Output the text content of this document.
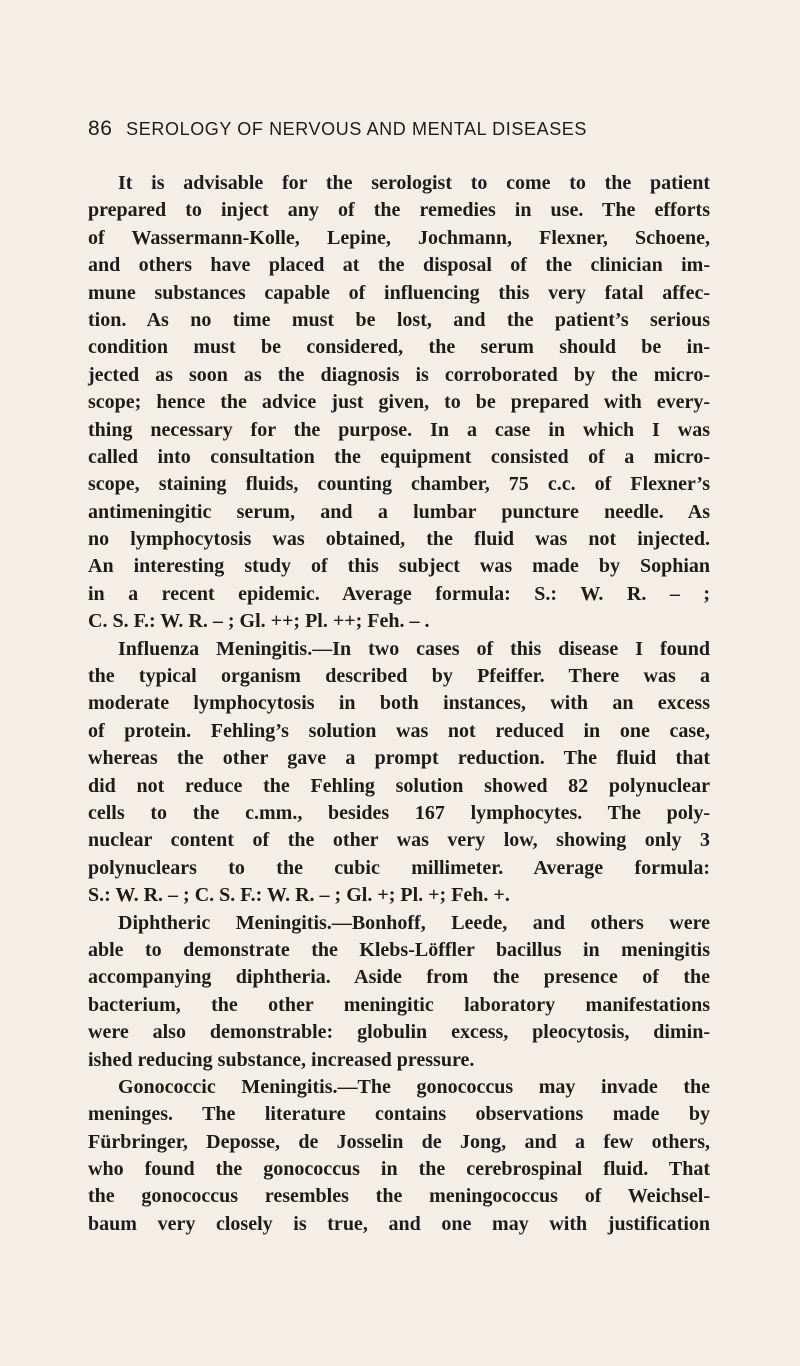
86 SEROLOGY OF NERVOUS AND MENTAL DISEASES
It is advisable for the serologist to come to the patient
prepared to inject any of the remedies in use. The efforts
of Wassermann-Kolle, Lepine, Jochmann, Flexner, Schoene,
and others have placed at the disposal of the clinician im-
mune substances capable of influencing this very fatal affec-
tion. As no time must be lost, and the patient’s serious
condition must be considered, the serum should be in-
jected as soon as the diagnosis is corroborated by the micro-
scope; hence the advice just given, to be prepared with every-
thing necessary for the purpose. In a case in which I was
called into consultation the equipment consisted of a micro-
scope, staining fluids, counting chamber, 75 c.c. of Flexner’s
antimeningitic serum, and a lumbar puncture needle. As
no lymphocytosis was obtained, the fluid was not injected.
An interesting study of this subject was made by Sophian
in a recent epidemic. Average formula: S.: W. R. – ;
C. S. F.: W. R. – ; Gl. ++; Pl. ++; Feh. – .
Influenza Meningitis.—In two cases of this disease I found
the typical organism described by Pfeiffer. There was a
moderate lymphocytosis in both instances, with an excess
of protein. Fehling’s solution was not reduced in one case,
whereas the other gave a prompt reduction. The fluid that
did not reduce the Fehling solution showed 82 polynuclear
cells to the c.mm., besides 167 lymphocytes. The poly-
nuclear content of the other was very low, showing only 3
polynuclears to the cubic millimeter. Average formula:
S.: W. R. – ; C. S. F.: W. R. – ; Gl. +; Pl. +; Feh. +.
Diphtheric Meningitis.—Bonhoff, Leede, and others were
able to demonstrate the Klebs-Löffler bacillus in meningitis
accompanying diphtheria. Aside from the presence of the
bacterium, the other meningitic laboratory manifestations
were also demonstrable: globulin excess, pleocytosis, dimin-
ished reducing substance, increased pressure.
Gonococcic Meningitis.—The gonococcus may invade the
meninges. The literature contains observations made by
Fürbringer, Deposse, de Josselin de Jong, and a few others,
who found the gonococcus in the cerebrospinal fluid. That
the gonococcus resembles the meningococcus of Weichsel-
baum very closely is true, and one may with justification
